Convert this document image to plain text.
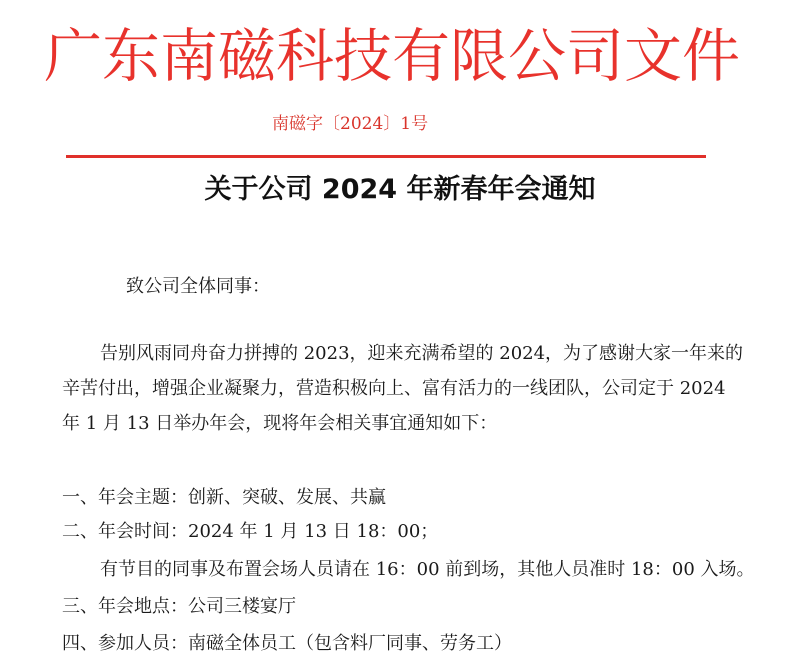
广东南磁科技有限公司文件
南磁字〔2024〕1号
关于公司 2024 年新春年会通知
致公司全体同事：
告别风雨同舟奋力拼搏的 2023，迎来充满希望的 2024，为了感谢大家一年来的
辛苦付出，增强企业凝聚力，营造积极向上、富有活力的一线团队，公司定于 2024
年 1 月 13 日举办年会，现将年会相关事宜通知如下：
一、年会主题：创新、突破、发展、共赢
二、年会时间：2024 年 1 月 13 日 18：00；
有节目的同事及布置会场人员请在 16：00 前到场，其他人员准时 18：00 入场。
三、年会地点：公司三楼宴厅
四、参加人员：南磁全体员工（包含料厂同事、劳务工）
